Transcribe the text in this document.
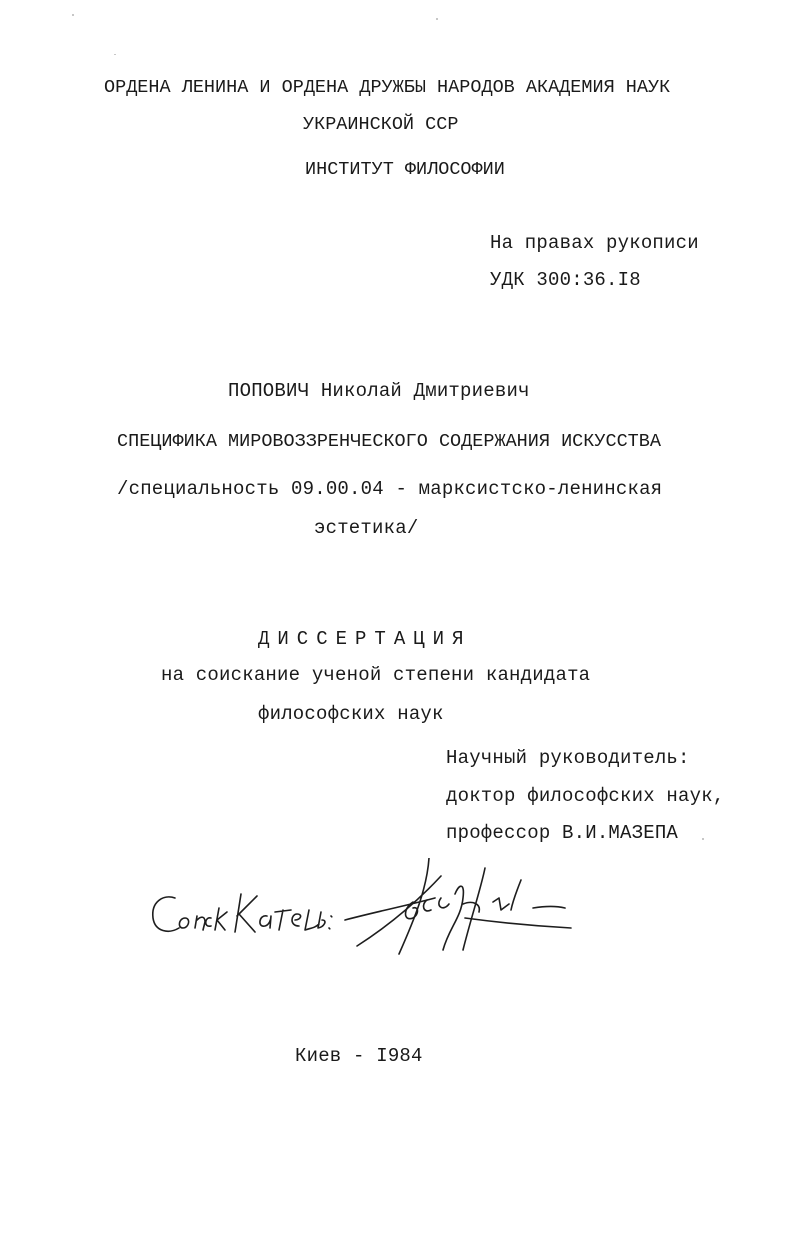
ОРДЕНА ЛЕНИНА И ОРДЕНА ДРУЖБЫ НАРОДОВ АКАДЕМИЯ НАУК
УКРАИНСКОЙ ССР
ИНСТИТУТ ФИЛОСОФИИ
На правах рукописи
УДК 300:36.I8
ПОПОВИЧ Николай Дмитриевич
СПЕЦИФИКА МИРОВОЗЗРЕНЧЕСКОГО СОДЕРЖАНИЯ ИСКУССТВА
/специальность 09.00.04 - марксистско-ленинская
эстетика/
ДИССЕРТАЦИЯ
на соискание ученой степени кандидата
философских наук
Научный руководитель:
доктор философских наук,
профессор В.И.МАЗЕПА
Киев - I984
